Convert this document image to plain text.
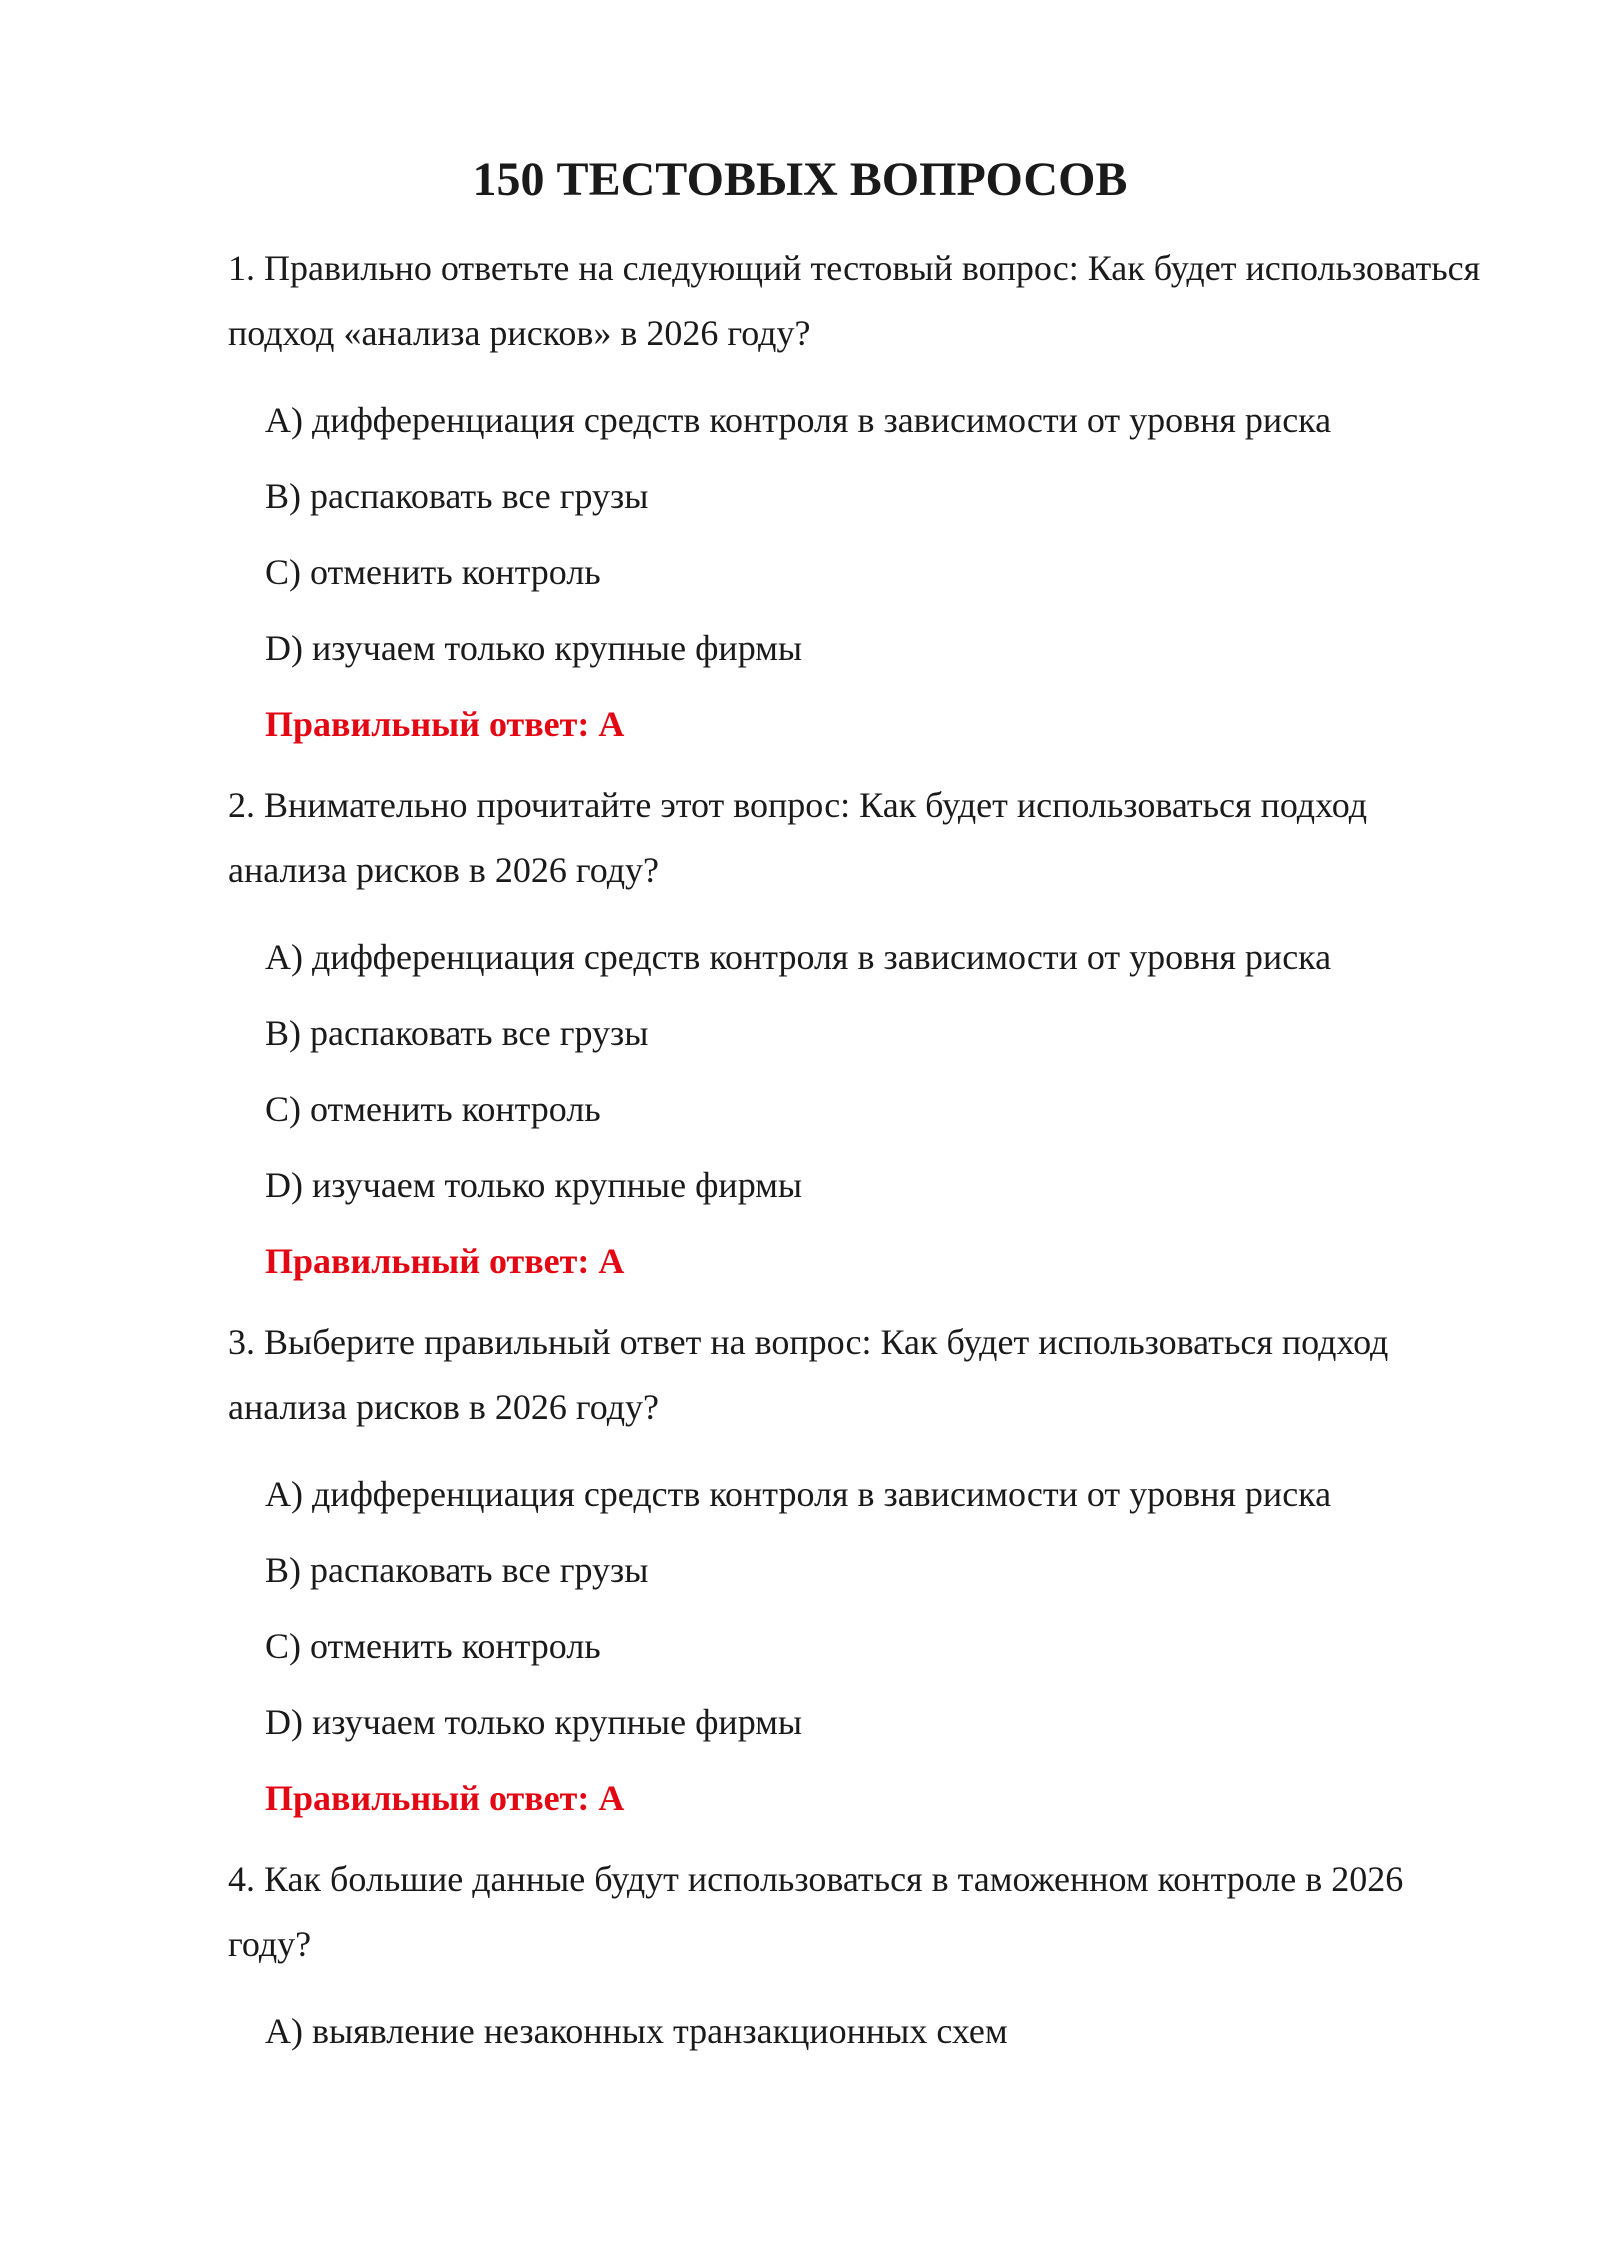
150 ТЕСТОВЫХ ВОПРОСОВ
1. Правильно ответьте на следующий тестовый вопрос: Как будет использоваться подход «анализа рисков» в 2026 году?
A) дифференциация средств контроля в зависимости от уровня риска
B) распаковать все грузы
C) отменить контроль
D) изучаем только крупные фирмы
Правильный ответ: A
2. Внимательно прочитайте этот вопрос: Как будет использоваться подход анализа рисков в 2026 году?
A) дифференциация средств контроля в зависимости от уровня риска
B) распаковать все грузы
C) отменить контроль
D) изучаем только крупные фирмы
Правильный ответ: A
3. Выберите правильный ответ на вопрос: Как будет использоваться подход анализа рисков в 2026 году?
A) дифференциация средств контроля в зависимости от уровня риска
B) распаковать все грузы
C) отменить контроль
D) изучаем только крупные фирмы
Правильный ответ: A
4. Как большие данные будут использоваться в таможенном контроле в 2026 году?
A) выявление незаконных транзакционных схем
